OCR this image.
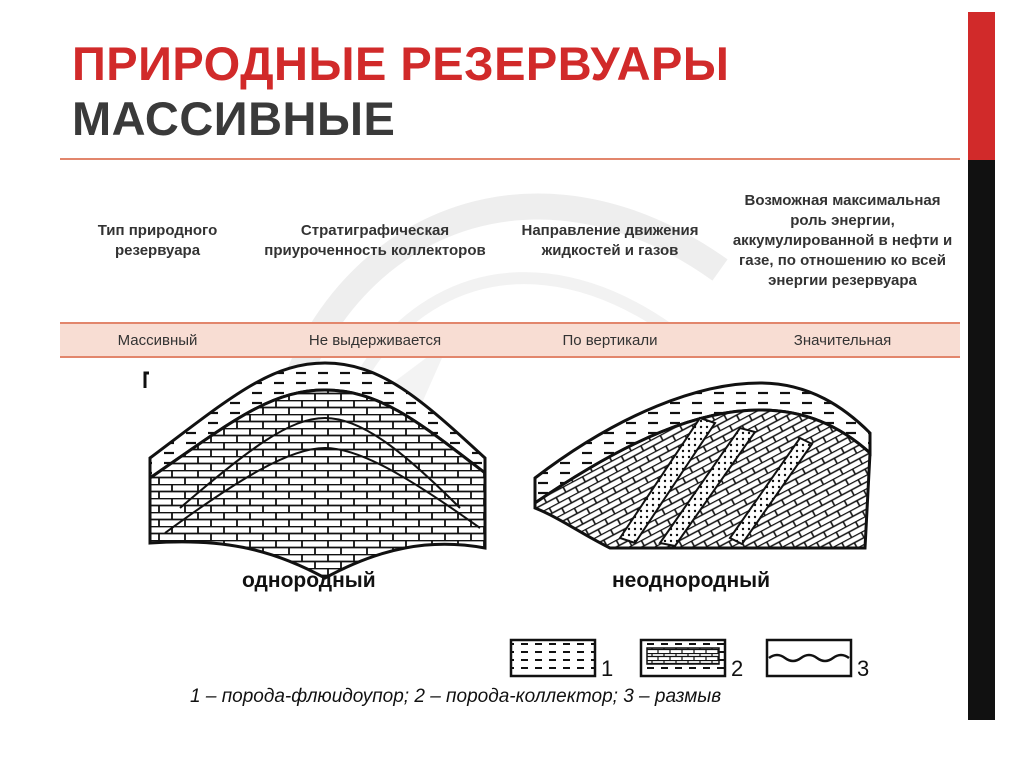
ПРИРОДНЫЕ РЕЗЕРВУАРЫ
МАССИВНЫЕ
Тип природного резервуара	Стратиграфическая приуроченность коллекторов	Направление движения жидкостей и газов	Возможная максимальная роль энергии, аккумулированной в нефти и газе, по отношению ко всей энергии резервуара
Массивный	Не выдерживается	По вертикали	Значительная
однородный	неоднородный
1	2	3
1 – порода-флюидоупор; 2 – порода-коллектор; 3 – размыв
